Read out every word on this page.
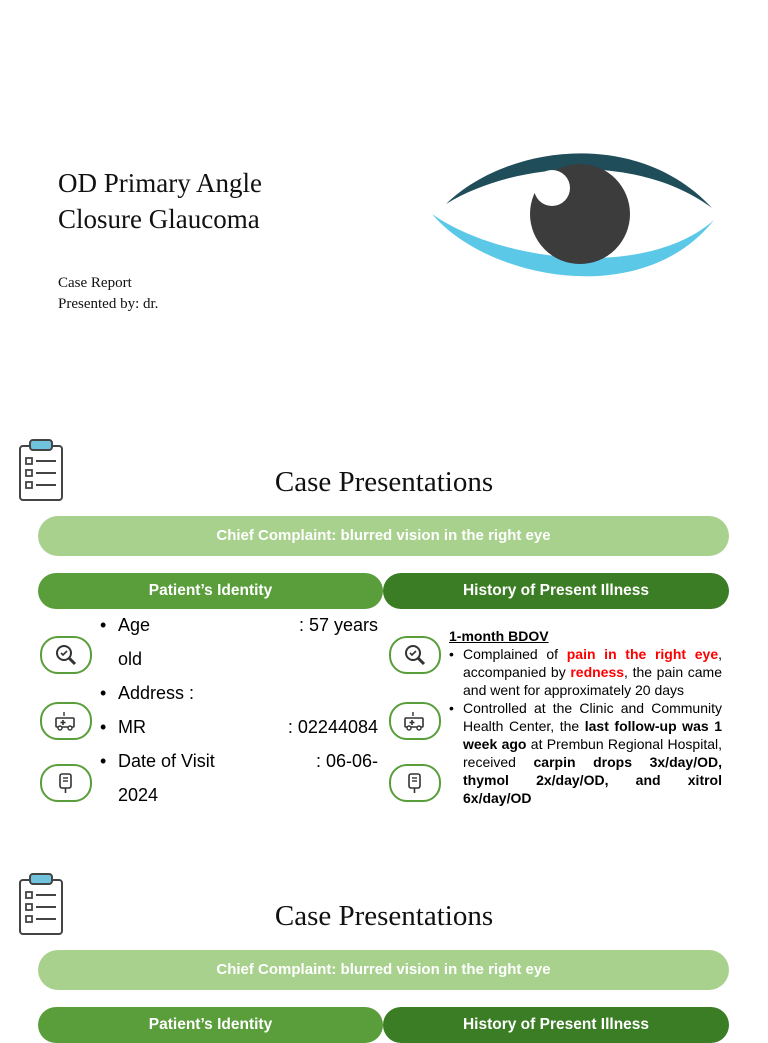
OD Primary Angle
Closure Glaucoma
Case Report
Presented by: dr.
Case Presentations
Chief Complaint: blurred vision in the right eye
Patient’s Identity	History of Present Illness
• Age	: 57 years
old
• Address :
• MR	: 02244084
• Date of Visit	: 06-06-
2024
1-month BDOV
• Complained of pain in the right eye, accompanied by redness, the pain came and went for approximately 20 days
• Controlled at the Clinic and Community Health Center, the last follow-up was 1 week ago at Prembun Regional Hospital, received carpin drops 3x/day/OD, thymol 2x/day/OD, and xitrol 6x/day/OD
Case Presentations
Chief Complaint: blurred vision in the right eye
Patient’s Identity	History of Present Illness
